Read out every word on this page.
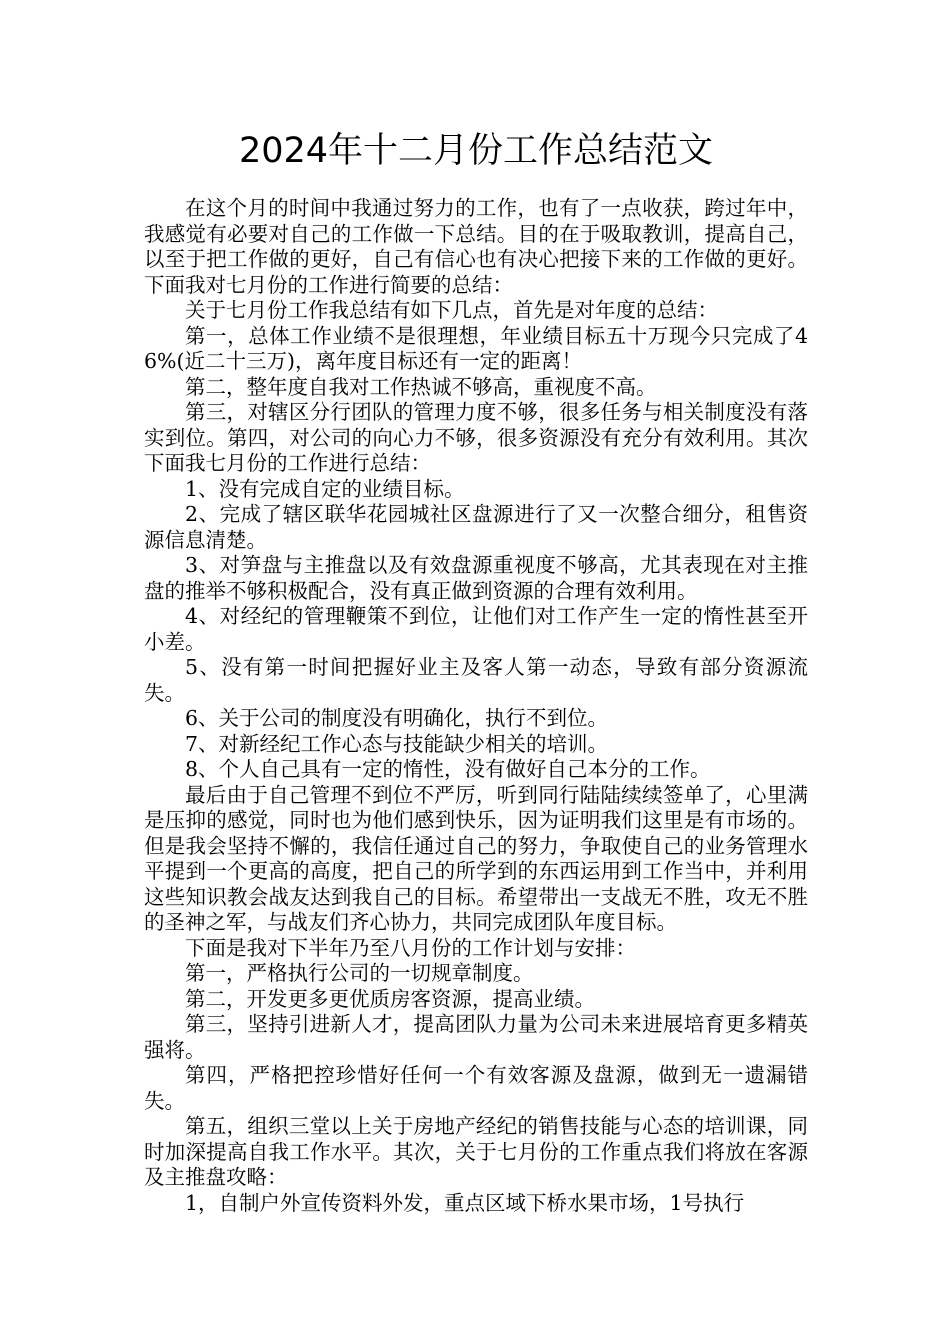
2024年十二月份工作总结范文

在这个月的时间中我通过努力的工作，也有了一点收获，跨过年中，我感觉有必要对自己的工作做一下总结。目的在于吸取教训，提高自己，以至于把工作做的更好，自己有信心也有决心把接下来的工作做的更好。下面我对七月份的工作进行简要的总结：

关于七月份工作我总结有如下几点，首先是对年度的总结：

第一，总体工作业绩不是很理想，年业绩目标五十万现今只完成了46%(近二十三万)，离年度目标还有一定的距离！

第二，整年度自我对工作热诚不够高，重视度不高。

第三，对辖区分行团队的管理力度不够，很多任务与相关制度没有落实到位。第四，对公司的向心力不够，很多资源没有充分有效利用。其次下面我七月份的工作进行总结：

1、没有完成自定的业绩目标。

2、完成了辖区联华花园城社区盘源进行了又一次整合细分，租售资源信息清楚。

3、对笋盘与主推盘以及有效盘源重视度不够高，尤其表现在对主推盘的推举不够积极配合，没有真正做到资源的合理有效利用。

4、对经纪的管理鞭策不到位，让他们对工作产生一定的惰性甚至开小差。

5、没有第一时间把握好业主及客人第一动态，导致有部分资源流失。

6、关于公司的制度没有明确化，执行不到位。

7、对新经纪工作心态与技能缺少相关的培训。

8、个人自己具有一定的惰性，没有做好自己本分的工作。

最后由于自己管理不到位不严厉，听到同行陆陆续续签单了，心里满是压抑的感觉，同时也为他们感到快乐，因为证明我们这里是有市场的。但是我会坚持不懈的，我信任通过自己的努力，争取使自己的业务管理水平提到一个更高的高度，把自己的所学到的东西运用到工作当中，并利用这些知识教会战友达到我自己的目标。希望带出一支战无不胜，攻无不胜的圣神之军，与战友们齐心协力，共同完成团队年度目标。

下面是我对下半年乃至八月份的工作计划与安排：

第一，严格执行公司的一切规章制度。

第二，开发更多更优质房客资源，提高业绩。

第三，坚持引进新人才，提高团队力量为公司未来进展培育更多精英强将。

第四，严格把控珍惜好任何一个有效客源及盘源，做到无一遗漏错失。

第五，组织三堂以上关于房地产经纪的销售技能与心态的培训课，同时加深提高自我工作水平。其次，关于七月份的工作重点我们将放在客源及主推盘攻略：

1，自制户外宣传资料外发，重点区域下桥水果市场，1号执行
